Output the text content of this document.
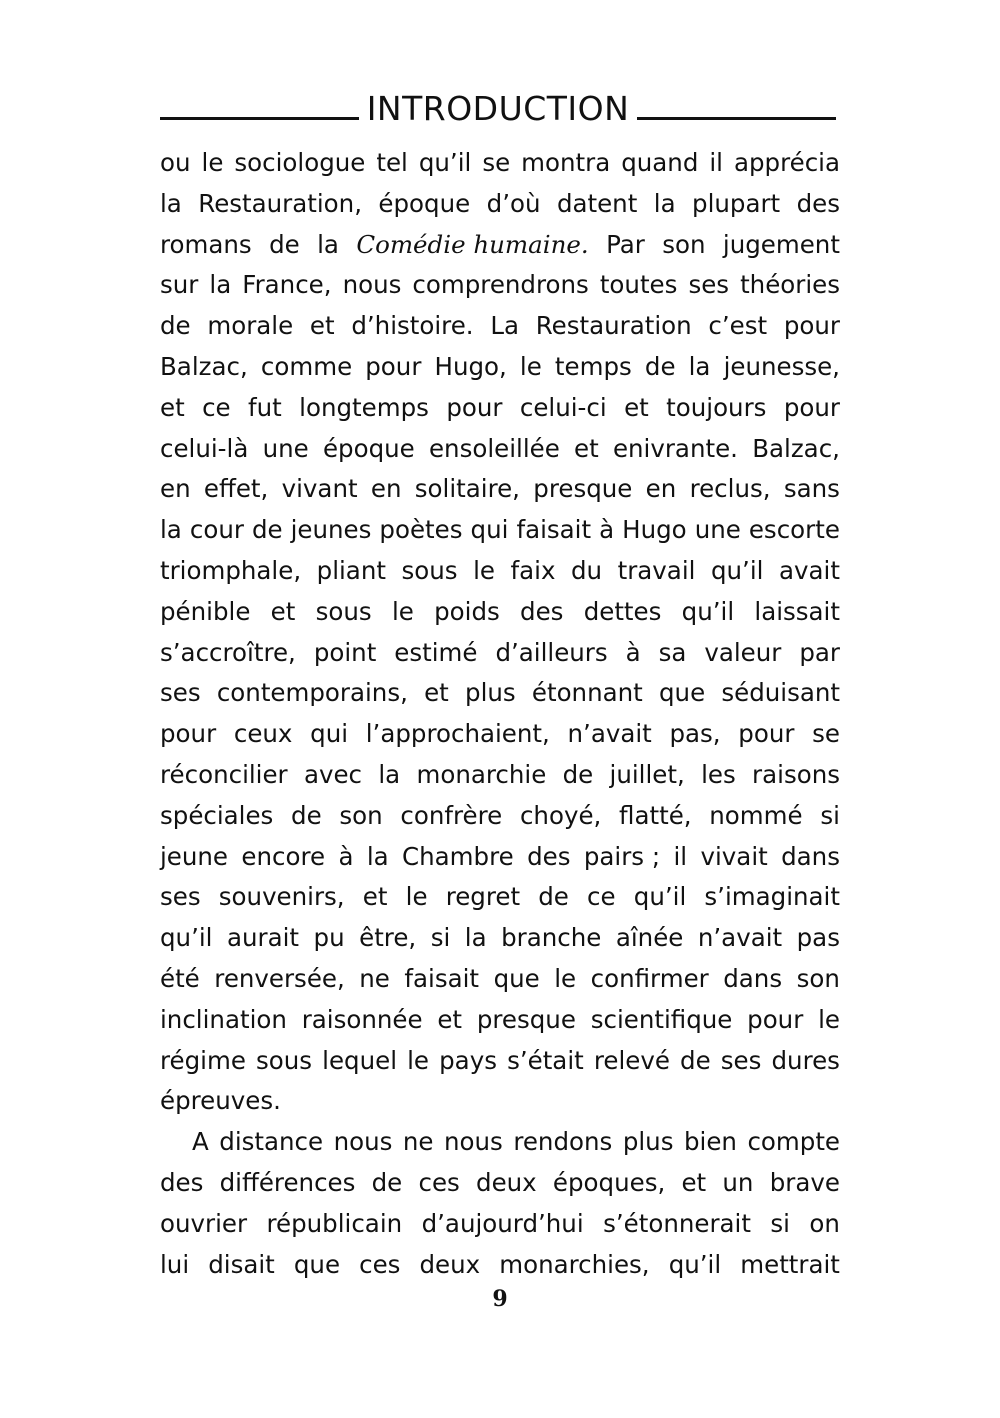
INTRODUCTION
ou le sociologue tel qu’il se montra quand il apprécia
la Restauration, époque d’où datent la plupart des
romans de la Comédie humaine. Par son jugement
sur la France, nous comprendrons toutes ses théories
de morale et d’histoire. La Restauration c’est pour
Balzac, comme pour Hugo, le temps de la jeunesse,
et ce fut longtemps pour celui-ci et toujours pour
celui-là une époque ensoleillée et enivrante. Balzac,
en effet, vivant en solitaire, presque en reclus, sans
la cour de jeunes poètes qui faisait à Hugo une escorte
triomphale, pliant sous le faix du travail qu’il avait
pénible et sous le poids des dettes qu’il laissait
s’accroître, point estimé d’ailleurs à sa valeur par
ses contemporains, et plus étonnant que séduisant
pour ceux qui l’approchaient, n’avait pas, pour se
réconcilier avec la monarchie de juillet, les raisons
spéciales de son confrère choyé, flatté, nommé si
jeune encore à la Chambre des pairs ; il vivait dans
ses souvenirs, et le regret de ce qu’il s’imaginait
qu’il aurait pu être, si la branche aînée n’avait pas
été renversée, ne faisait que le confirmer dans son
inclination raisonnée et presque scientifique pour le
régime sous lequel le pays s’était relevé de ses dures
épreuves.
A distance nous ne nous rendons plus bien compte
des différences de ces deux époques, et un brave
ouvrier républicain d’aujourd’hui s’étonnerait si on
lui disait que ces deux monarchies, qu’il mettrait
9
